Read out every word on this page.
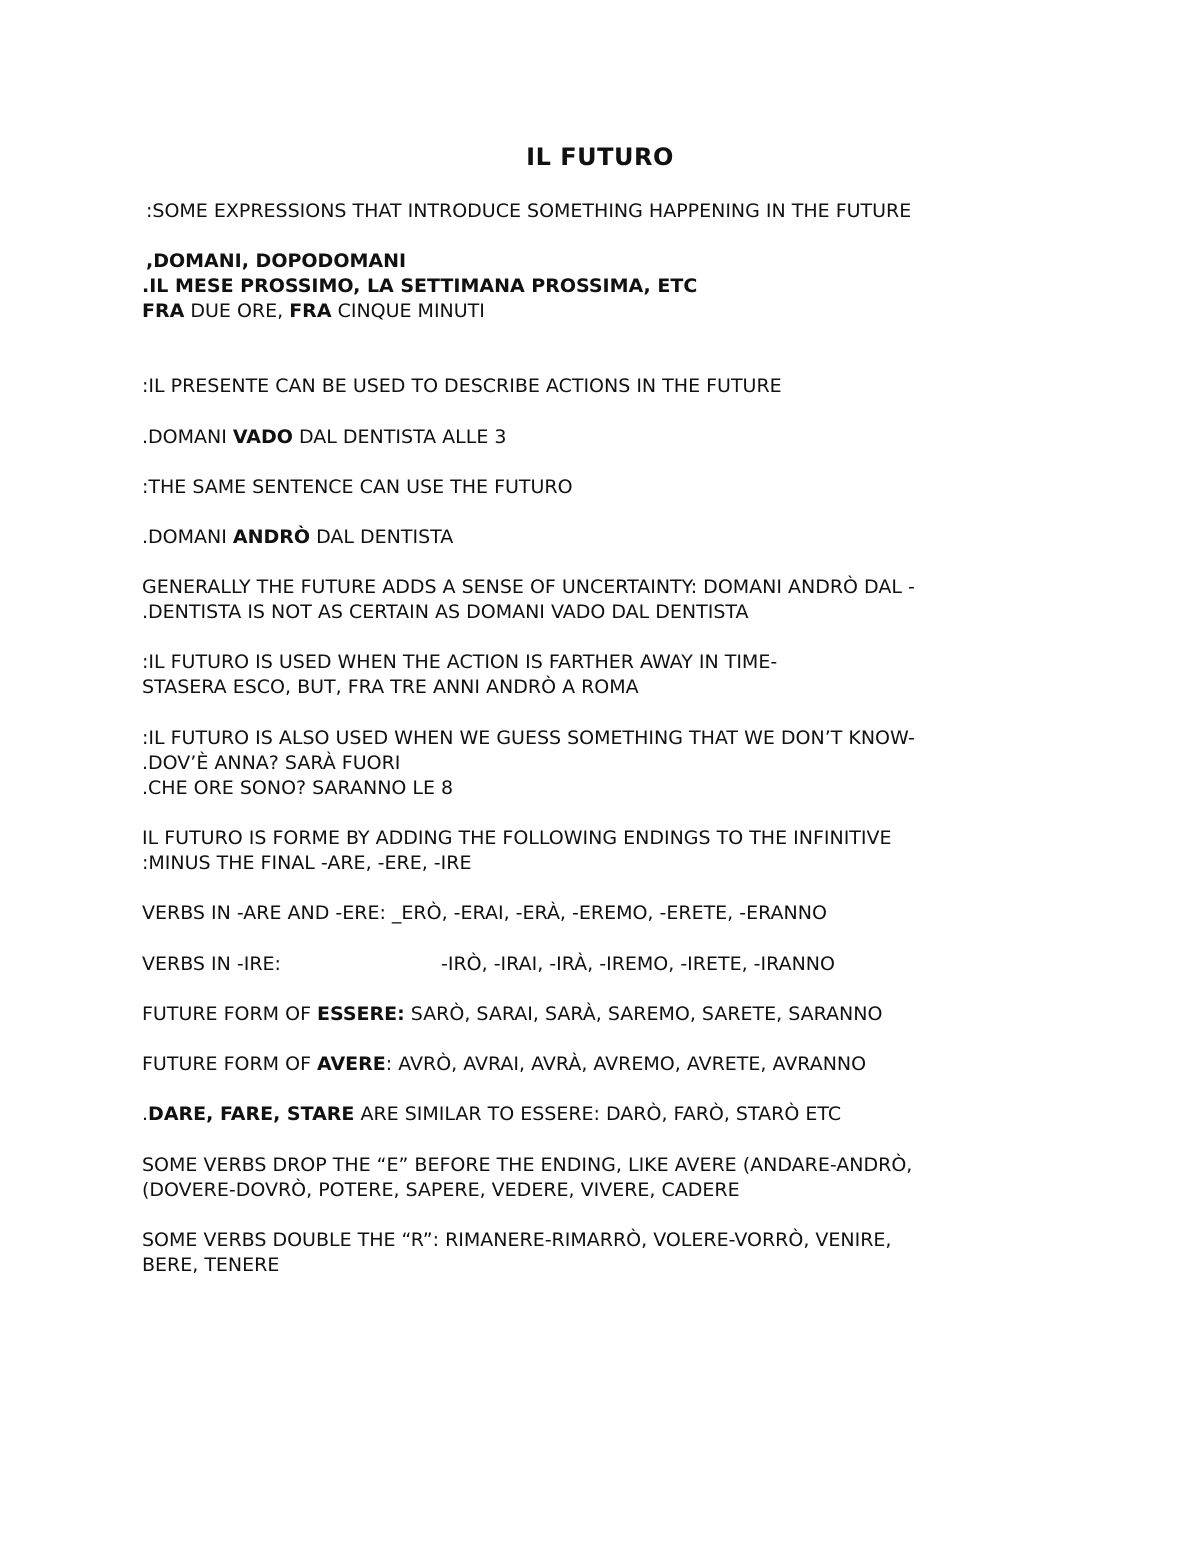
IL FUTURO
:SOME EXPRESSIONS THAT INTRODUCE SOMETHING HAPPENING IN THE FUTURE
,DOMANI, DOPODOMANI
.IL MESE PROSSIMO, LA SETTIMANA PROSSIMA, ETC
FRA DUE ORE, FRA CINQUE MINUTI
:IL PRESENTE CAN BE USED TO DESCRIBE ACTIONS IN THE FUTURE
.DOMANI VADO DAL DENTISTA ALLE 3
:THE SAME SENTENCE CAN USE THE FUTURO
.DOMANI ANDRÒ DAL DENTISTA
GENERALLY THE FUTURE ADDS A SENSE OF UNCERTAINTY: DOMANI ANDRÒ DAL -
.DENTISTA IS NOT AS CERTAIN AS DOMANI VADO DAL DENTISTA
:IL FUTURO IS USED WHEN THE ACTION IS FARTHER AWAY IN TIME-
STASERA ESCO, BUT, FRA TRE ANNI ANDRÒ A ROMA
:IL FUTURO IS ALSO USED WHEN WE GUESS SOMETHING THAT WE DON’T KNOW-
.DOV’È ANNA? SARÀ FUORI
.CHE ORE SONO? SARANNO LE 8
IL FUTURO IS FORME BY ADDING THE FOLLOWING ENDINGS TO THE INFINITIVE
:MINUS THE FINAL -ARE, -ERE, -IRE
VERBS IN -ARE AND -ERE: _ERÒ, -ERAI, -ERÀ, -EREMO, -ERETE, -ERANNO
VERBS IN -IRE:	-IRÒ, -IRAI, -IRÀ, -IREMO, -IRETE, -IRANNO
FUTURE FORM OF ESSERE: SARÒ, SARAI, SARÀ, SAREMO, SARETE, SARANNO
FUTURE FORM OF AVERE: AVRÒ, AVRAI, AVRÀ, AVREMO, AVRETE, AVRANNO
.DARE, FARE, STARE ARE SIMILAR TO ESSERE: DARÒ, FARÒ, STARÒ ETC
SOME VERBS DROP THE “E” BEFORE THE ENDING, LIKE AVERE (ANDARE-ANDRÒ,
(DOVERE-DOVRÒ, POTERE, SAPERE, VEDERE, VIVERE, CADERE
SOME VERBS DOUBLE THE “R”: RIMANERE-RIMARRÒ, VOLERE-VORRÒ, VENIRE,
BERE, TENERE
